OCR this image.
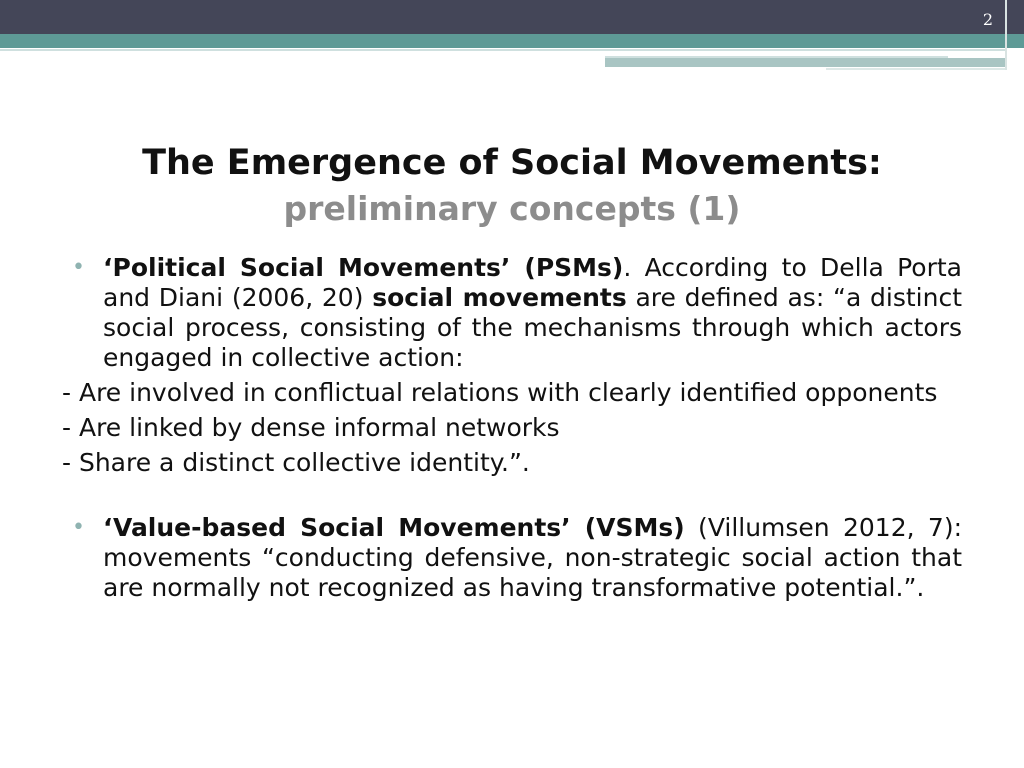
2
The Emergence of Social Movements:
preliminary concepts (1)

• ‘Political Social Movements’ (PSMs). According to Della Porta and Diani (2006, 20) social movements are defined as: “a distinct social process, consisting of the mechanisms through which actors engaged in collective action:

- Are involved in conflictual relations with clearly identified opponents
- Are linked by dense informal networks
- Share a distinct collective identity.”.

• ‘Value-based Social Movements’ (VSMs) (Villumsen 2012, 7): movements “conducting defensive, non-strategic social action that are normally not recognized as having transformative potential.”.
